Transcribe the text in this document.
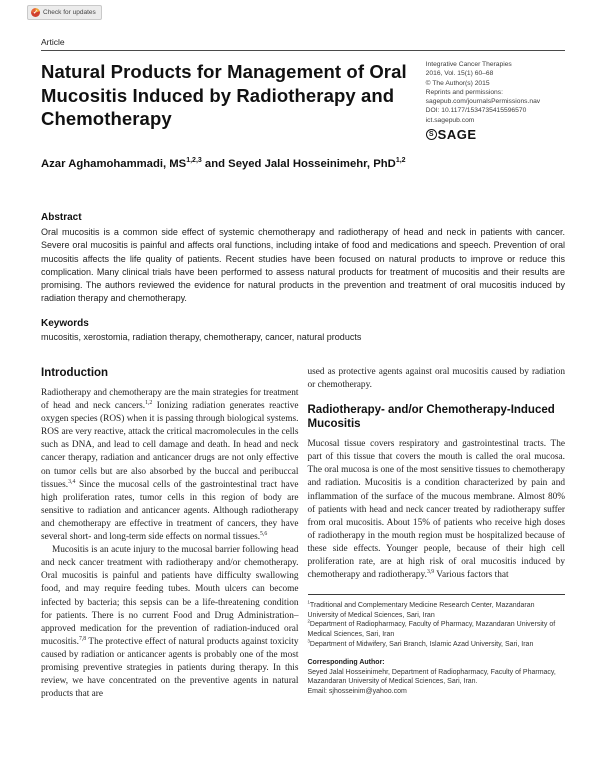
✓ Check for updates
Article
Natural Products for Management of Oral Mucositis Induced by Radiotherapy and Chemotherapy
Integrative Cancer Therapies
2016, Vol. 15(1) 60–68
© The Author(s) 2015
Reprints and permissions:
sagepub.com/journalsPermissions.nav
DOI: 10.1177/1534735415596570
ict.sagepub.com
S SAGE
Azar Aghamohammadi, MS$^{1,2,3}$ and Seyed Jalal Hosseinimehr, PhD$^{1,2}$
Abstract
Oral mucositis is a common side effect of systemic chemotherapy and radiotherapy of head and neck in patients with cancer. Severe oral mucositis is painful and affects oral functions, including intake of food and medications and speech. Prevention of oral mucositis affects the life quality of patients. Recent studies have been focused on natural products to improve or reduce this complication. Many clinical trials have been performed to assess natural products for treatment of mucositis and their results are promising. The authors reviewed the evidence for natural products in the prevention and treatment of oral mucositis induced by radiation therapy and chemotherapy.
Keywords
mucositis, xerostomia, radiation therapy, chemotherapy, cancer, natural products
Introduction

Radiotherapy and chemotherapy are the main strategies for treatment of head and neck cancers.$^{1,2}$ Ionizing radiation generates reactive oxygen species (ROS) when it is passing through biological systems. ROS are very reactive, attack the critical macromolecules in the cells such as DNA, and lead to cell damage and death. In head and neck cancer therapy, radiation and anticancer drugs are not only effective on tumor cells but are also absorbed by the buccal and peribuccal tissues.$^{3,4}$ Since the mucosal cells of the gastrointestinal tract have high proliferation rates, tumor cells in this region of body are sensitive to radiation and anticancer agents. Although radiotherapy and chemotherapy are effective in treatment of cancers, they have several short- and long-term side effects on normal tissues.$^{5,6}$

Mucositis is an acute injury to the mucosal barrier following head and neck cancer treatment with radiotherapy and/or chemotherapy. Oral mucositis is painful and patients have difficulty swallowing food, and may require feeding tubes. Mouth ulcers can become infected by bacteria; this sepsis can be a life-threatening condition for patients. There is no current Food and Drug Administration–approved medication for the prevention of radiation-induced oral mucositis.$^{7,8}$ The protective effect of natural products against toxicity caused by radiation or anticancer agents is probably one of the most promising preventive strategies in patients during therapy. In this review, we have concentrated on the preventive agents in natural products that are

used as protective agents against oral mucositis caused by radiation or chemotherapy.

Radiotherapy- and/or Chemotherapy-Induced Mucositis

Mucosal tissue covers respiratory and gastrointestinal tracts. The part of this tissue that covers the mouth is called the oral mucosa. The oral mucosa is one of the most sensitive tissues to chemotherapy and radiation. Mucositis is a condition characterized by pain and inflammation of the surface of the mucous membrane. Almost 80% of patients with head and neck cancer treated by radiotherapy suffer from oral mucositis. About 15% of patients who receive high doses of radiotherapy in the mouth region must be hospitalized because of these side effects. Younger people, because of their high cell proliferation rate, are at high risk of oral mucositis induced by chemotherapy and radiotherapy.$^{3,9}$ Various factors that

$^1$Traditional and Complementary Medicine Research Center, Mazandaran University of Medical Sciences, Sari, Iran
$^2$Department of Radiopharmacy, Faculty of Pharmacy, Mazandaran University of Medical Sciences, Sari, Iran
$^3$Department of Midwifery, Sari Branch, Islamic Azad University, Sari, Iran
Corresponding Author:
Seyed Jalal Hosseinimehr, Department of Radiopharmacy, Faculty of Pharmacy, Mazandaran University of Medical Sciences, Sari, Iran.
Email: sjhosseinim@yahoo.com
